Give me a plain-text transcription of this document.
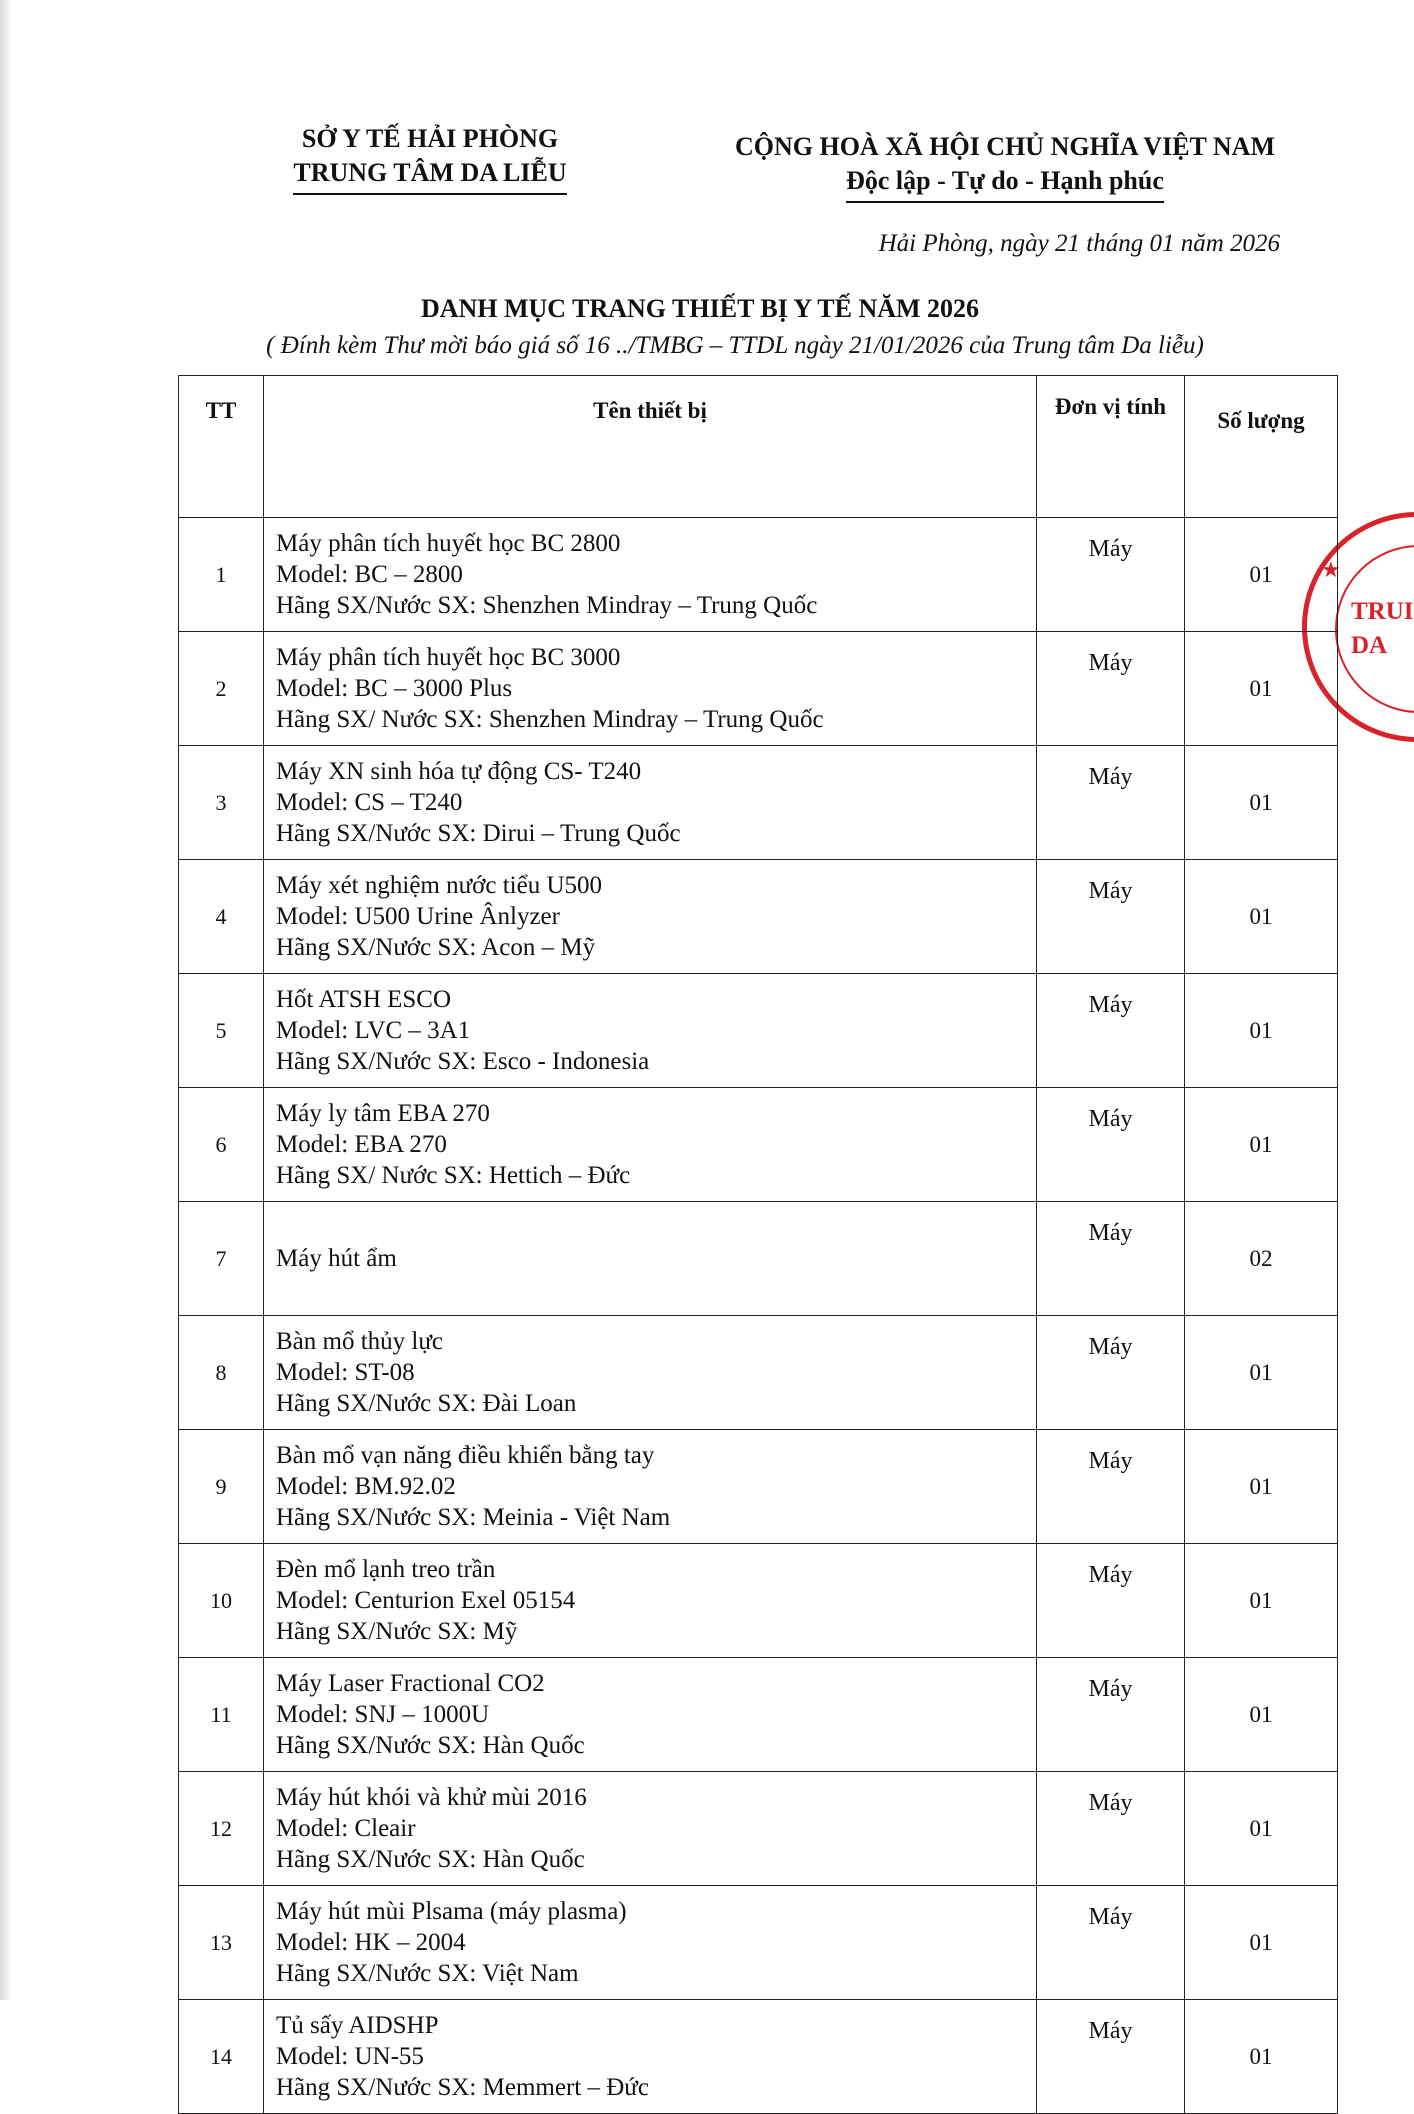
SỞ Y TẾ HẢI PHÒNG
TRUNG TÂM DA LIỄU
CỘNG HOÀ XÃ HỘI CHỦ NGHĨA VIỆT NAM
Độc lập - Tự do - Hạnh phúc
Hải Phòng, ngày 21 tháng 01 năm 2026
DANH MỤC TRANG THIẾT BỊ Y TẾ NĂM 2026
( Đính kèm Thư mời báo giá số 16 ../TMBG – TTDL ngày 21/01/2026 của Trung tâm Da liễu)
★
TRUI
DA
TT	Tên thiết bị	Đơn vị tính	Số lượng
1	Máy phân tích huyết học BC 2800
Model: BC – 2800
Hãng SX/Nước SX: Shenzhen Mindray – Trung Quốc	Máy	01
2	Máy phân tích huyết học BC 3000
Model: BC – 3000 Plus
Hãng SX/ Nước SX: Shenzhen Mindray – Trung Quốc	Máy	01
3	Máy XN sinh hóa tự động CS- T240
Model: CS – T240
Hãng SX/Nước SX: Dirui – Trung Quốc	Máy	01
4	Máy xét nghiệm nước tiểu U500
Model: U500 Urine Ânlyzer
Hãng SX/Nước SX: Acon – Mỹ	Máy	01
5	Hốt ATSH ESCO
Model: LVC – 3A1
Hãng SX/Nước SX: Esco - Indonesia	Máy	01
6	Máy ly tâm EBA 270
Model: EBA 270
Hãng SX/ Nước SX: Hettich – Đức	Máy	01
7	Máy hút ẩm	Máy	02
8	Bàn mổ thủy lực
Model: ST-08
Hãng SX/Nước SX: Đài Loan	Máy	01
9	Bàn mổ vạn năng điều khiển bằng tay
Model: BM.92.02
Hãng SX/Nước SX: Meinia - Việt Nam	Máy	01
10	Đèn mổ lạnh treo trần
Model: Centurion Exel 05154
Hãng SX/Nước SX: Mỹ	Máy	01
11	Máy Laser Fractional CO2
Model: SNJ – 1000U
Hãng SX/Nước SX: Hàn Quốc	Máy	01
12	Máy hút khói và khử mùi 2016
Model: Cleair
Hãng SX/Nước SX: Hàn Quốc	Máy	01
13	Máy hút mùi Plsama (máy plasma)
Model: HK – 2004
Hãng SX/Nước SX: Việt Nam	Máy	01
14	Tủ sấy AIDSHP
Model: UN-55
Hãng SX/Nước SX: Memmert – Đức	Máy	01
